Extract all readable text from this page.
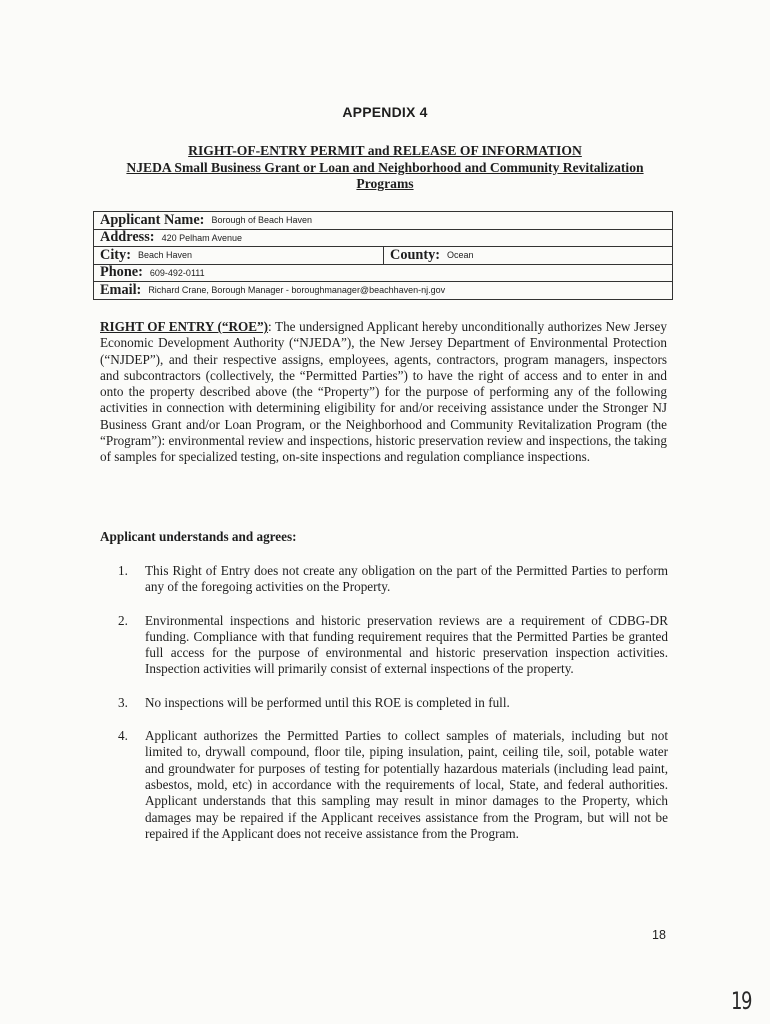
APPENDIX 4
RIGHT-OF-ENTRY PERMIT and RELEASE OF INFORMATION
NJEDA Small Business Grant or Loan and Neighborhood and Community Revitalization Programs
Applicant Name: Borough of Beach Haven
Address: 420 Pelham Avenue
City: Beach Haven	County: Ocean
Phone: 609-492-0111
Email: Richard Crane, Borough Manager - boroughmanager@beachhaven-nj.gov
RIGHT OF ENTRY (“ROE”): The undersigned Applicant hereby unconditionally authorizes New Jersey Economic Development Authority (“NJEDA”), the New Jersey Department of Environmental Protection (“NJDEP”), and their respective assigns, employees, agents, contractors, program managers, inspectors and subcontractors (collectively, the “Permitted Parties”) to have the right of access and to enter in and onto the property described above (the “Property”) for the purpose of performing any of the following activities in connection with determining eligibility for and/or receiving assistance under the Stronger NJ Business Grant and/or Loan Program, or the Neighborhood and Community Revitalization Program (the “Program”): environmental review and inspections, historic preservation review and inspections, the taking of samples for specialized testing, on-site inspections and regulation compliance inspections.
Applicant understands and agrees:
1.	This Right of Entry does not create any obligation on the part of the Permitted Parties to perform any of the foregoing activities on the Property.
2.	Environmental inspections and historic preservation reviews are a requirement of CDBG-DR funding. Compliance with that funding requirement requires that the Permitted Parties be granted full access for the purpose of environmental and historic preservation inspection activities. Inspection activities will primarily consist of external inspections of the property.
3.	No inspections will be performed until this ROE is completed in full.
4.	Applicant authorizes the Permitted Parties to collect samples of materials, including but not limited to, drywall compound, floor tile, piping insulation, paint, ceiling tile, soil, potable water and groundwater for purposes of testing for potentially hazardous materials (including lead paint, asbestos, mold, etc) in accordance with the requirements of local, State, and federal authorities. Applicant understands that this sampling may result in minor damages to the Property, which damages may be repaired if the Applicant receives assistance from the Program, but will not be repaired if the Applicant does not receive assistance from the Program.
18
19
